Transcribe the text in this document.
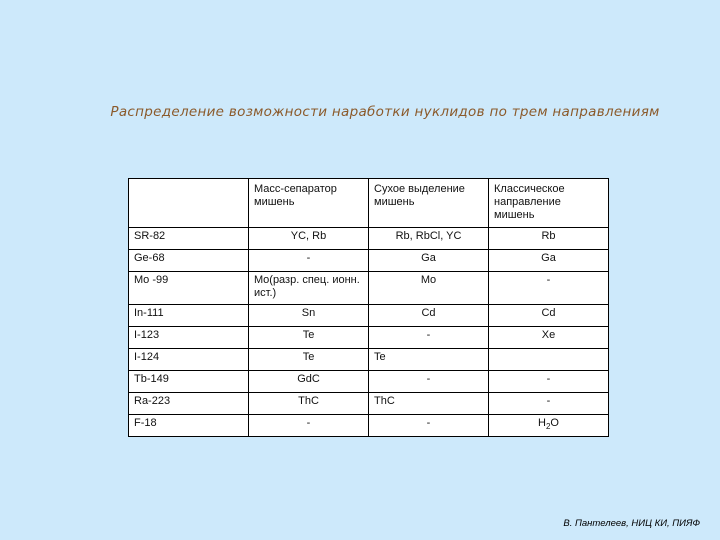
Распределение возможности наработки нуклидов по трем направлениям
	Масс-сепаратор мишень	Сухое выделение мишень	Классическое направление мишень
SR-82	YC, Rb	Rb, RbCl, YC	Rb
Ge-68	-	Ga	Ga
Mo -99	Mo(разр. спец. ионн. ист.)	Mo	-
In-111	Sn	Cd	Cd
I-123	Te	-	Xe
I-124	Te	Te	
Tb-149	GdC	-	-
Ra-223	ThC	ThC	-
F-18	-	-	$H_2O$
В. Пантелеев, НИЦ КИ, ПИЯФ
